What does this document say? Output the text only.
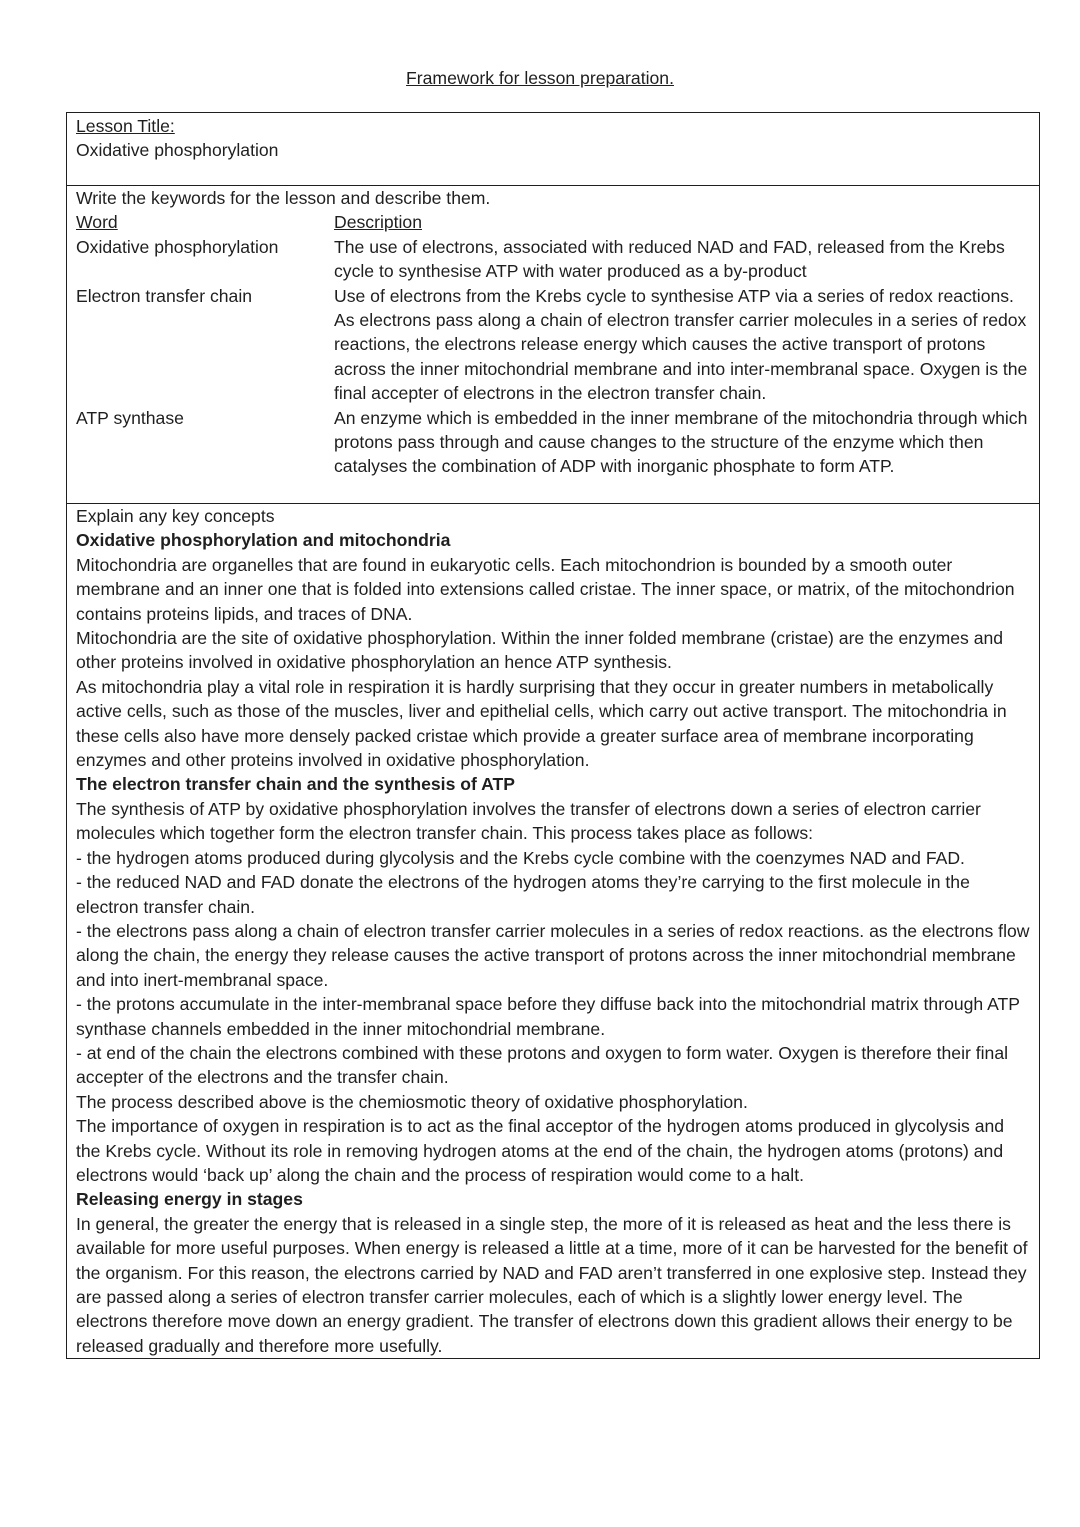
Framework for lesson preparation.
Lesson Title:
Oxidative phosphorylation
Write the keywords for the lesson and describe them.
Word	Description
Oxidative phosphorylation	The use of electrons, associated with reduced NAD and FAD, released from the Krebs cycle to synthesise ATP with water produced as a by-product
Electron transfer chain	Use of electrons from the Krebs cycle to synthesise ATP via a series of redox reactions. As electrons pass along a chain of electron transfer carrier molecules in a series of redox reactions, the electrons release energy which causes the active transport of protons across the inner mitochondrial membrane and into inter-membranal space. Oxygen is the final accepter of electrons in the electron transfer chain.
ATP synthase	An enzyme which is embedded in the inner membrane of the mitochondria through which protons pass through and cause changes to the structure of the enzyme which then catalyses the combination of ADP with inorganic phosphate to form ATP.
Explain any key concepts
Oxidative phosphorylation and mitochondria
Mitochondria are organelles that are found in eukaryotic cells. Each mitochondrion is bounded by a smooth outer membrane and an inner one that is folded into extensions called cristae. The inner space, or matrix, of the mitochondrion contains proteins lipids, and traces of DNA.
Mitochondria are the site of oxidative phosphorylation. Within the inner folded membrane (cristae) are the enzymes and other proteins involved in oxidative phosphorylation an hence ATP synthesis.
As mitochondria play a vital role in respiration it is hardly surprising that they occur in greater numbers in metabolically active cells, such as those of the muscles, liver and epithelial cells, which carry out active transport. The mitochondria in these cells also have more densely packed cristae which provide a greater surface area of membrane incorporating enzymes and other proteins involved in oxidative phosphorylation.
The electron transfer chain and the synthesis of ATP
The synthesis of ATP by oxidative phosphorylation involves the transfer of electrons down a series of electron carrier molecules which together form the electron transfer chain. This process takes place as follows:
- the hydrogen atoms produced during glycolysis and the Krebs cycle combine with the coenzymes NAD and FAD.
- the reduced NAD and FAD donate the electrons of the hydrogen atoms they’re carrying to the first molecule in the electron transfer chain.
- the electrons pass along a chain of electron transfer carrier molecules in a series of redox reactions. as the electrons flow along the chain, the energy they release causes the active transport of protons across the inner mitochondrial membrane and into inert-membranal space.
- the protons accumulate in the inter-membranal space before they diffuse back into the mitochondrial matrix through ATP synthase channels embedded in the inner mitochondrial membrane.
- at end of the chain the electrons combined with these protons and oxygen to form water. Oxygen is therefore their final accepter of the electrons and the transfer chain.
The process described above is the chemiosmotic theory of oxidative phosphorylation.
The importance of oxygen in respiration is to act as the final acceptor of the hydrogen atoms produced in glycolysis and the Krebs cycle. Without its role in removing hydrogen atoms at the end of the chain, the hydrogen atoms (protons) and electrons would ‘back up’ along the chain and the process of respiration would come to a halt.
Releasing energy in stages
In general, the greater the energy that is released in a single step, the more of it is released as heat and the less there is available for more useful purposes. When energy is released a little at a time, more of it can be harvested for the benefit of the organism. For this reason, the electrons carried by NAD and FAD aren’t transferred in one explosive step. Instead they are passed along a series of electron transfer carrier molecules, each of which is a slightly lower energy level. The electrons therefore move down an energy gradient. The transfer of electrons down this gradient allows their energy to be released gradually and therefore more usefully.
